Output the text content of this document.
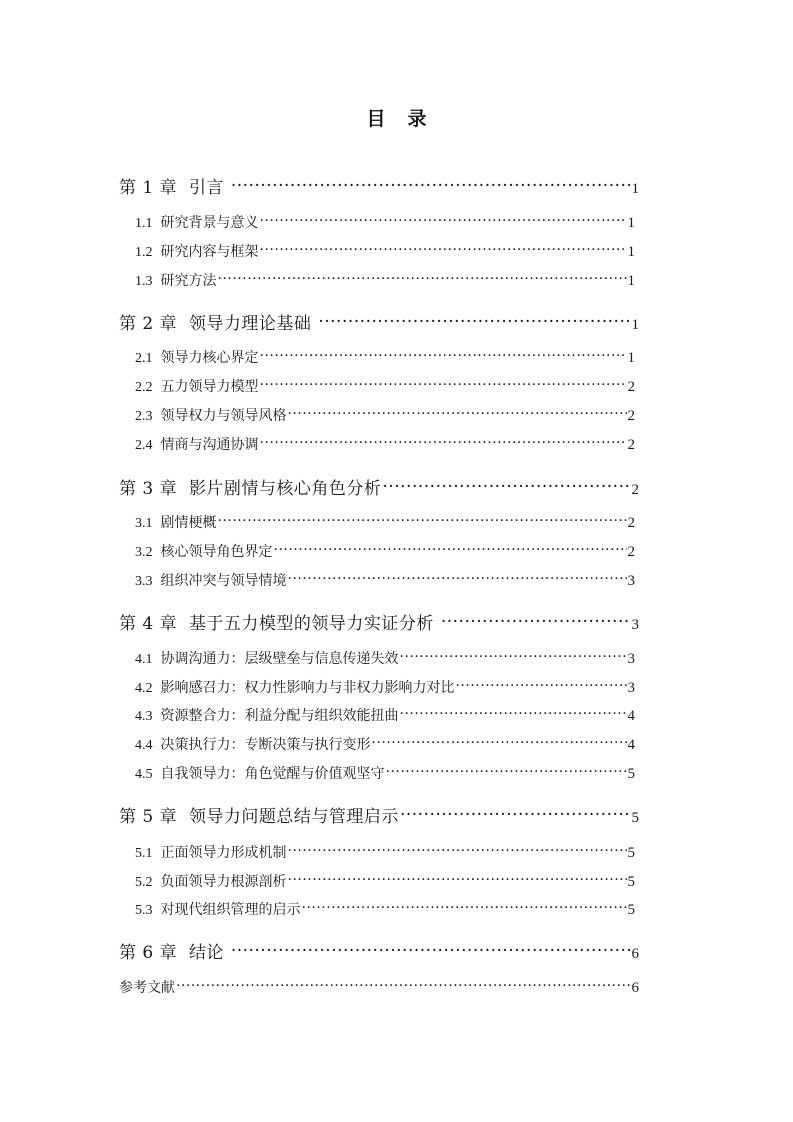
目 录
第 1 章 引言 ·····	1
1.1 研究背景与意义 ·····	1
1.2 研究内容与框架 ·····	1
1.3 研究方法 ·····	1
第 2 章 领导力理论基础 ·····	1
2.1 领导力核心界定 ·····	1
2.2 五力领导力模型 ·····	2
2.3 领导权力与领导风格 ·····	2
2.4 情商与沟通协调 ·····	2
第 3 章 影片剧情与核心角色分析 ·····	2
3.1 剧情梗概 ·····	2
3.2 核心领导角色界定 ·····	2
3.3 组织冲突与领导情境 ·····	3
第 4 章 基于五力模型的领导力实证分析 ·····	3
4.1 协调沟通力：层级壁垒与信息传递失效 ·····	3
4.2 影响感召力：权力性影响力与非权力影响力对比 ·····	3
4.3 资源整合力：利益分配与组织效能扭曲 ·····	4
4.4 决策执行力：专断决策与执行变形 ·····	4
4.5 自我领导力：角色觉醒与价值观坚守 ·····	5
第 5 章 领导力问题总结与管理启示 ·····	5
5.1 正面领导力形成机制 ·····	5
5.2 负面领导力根源剖析 ·····	5
5.3 对现代组织管理的启示 ·····	5
第 6 章 结论 ·····	6
参考文献 ·····	6
